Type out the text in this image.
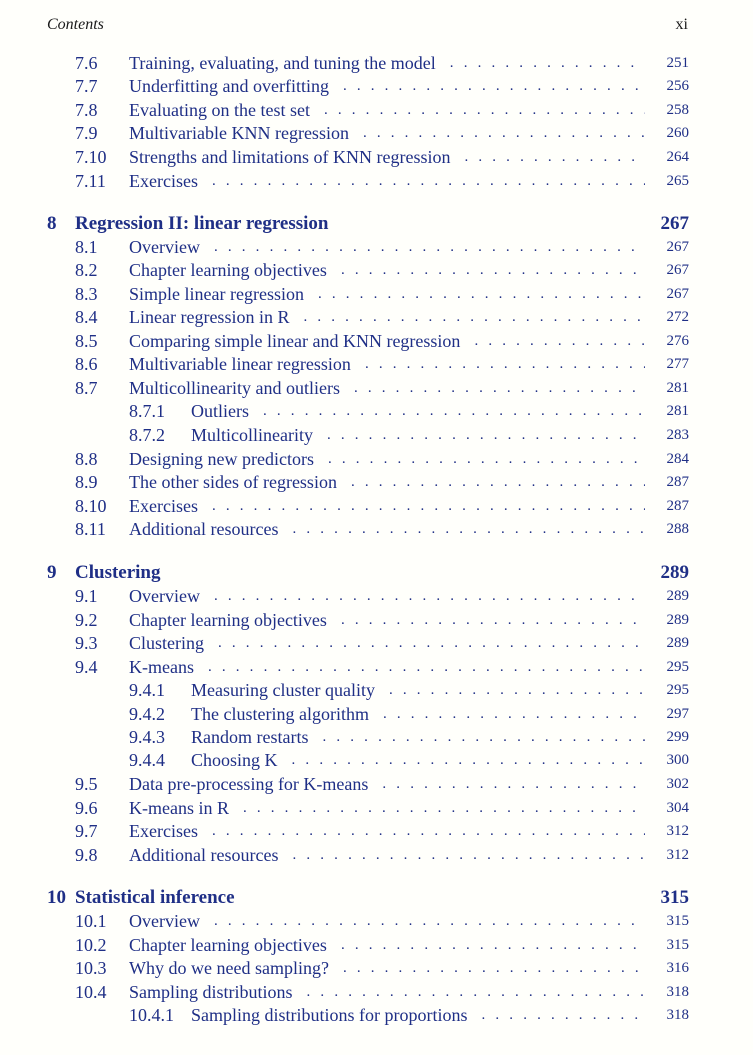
Contents	xi
7.6 Training, evaluating, and tuning the model . . .	251
7.7 Underfitting and overfitting . . .	256
7.8 Evaluating on the test set . . .	258
7.9 Multivariable KNN regression . . .	260
7.10 Strengths and limitations of KNN regression . . .	264
7.11 Exercises . . .	265
8 Regression II: linear regression	267
8.1 Overview . . .	267
8.2 Chapter learning objectives . . .	267
8.3 Simple linear regression . . .	267
8.4 Linear regression in R . . .	272
8.5 Comparing simple linear and KNN regression . . .	276
8.6 Multivariable linear regression . . .	277
8.7 Multicollinearity and outliers . . .	281
8.7.1 Outliers . . .	281
8.7.2 Multicollinearity . . .	283
8.8 Designing new predictors . . .	284
8.9 The other sides of regression . . .	287
8.10 Exercises . . .	287
8.11 Additional resources . . .	288
9 Clustering	289
9.1 Overview . . .	289
9.2 Chapter learning objectives . . .	289
9.3 Clustering . . .	289
9.4 K-means . . .	295
9.4.1 Measuring cluster quality . . .	295
9.4.2 The clustering algorithm . . .	297
9.4.3 Random restarts . . .	299
9.4.4 Choosing K . . .	300
9.5 Data pre-processing for K-means . . .	302
9.6 K-means in R . . .	304
9.7 Exercises . . .	312
9.8 Additional resources . . .	312
10 Statistical inference	315
10.1 Overview . . .	315
10.2 Chapter learning objectives . . .	315
10.3 Why do we need sampling? . . .	316
10.4 Sampling distributions . . .	318
10.4.1 Sampling distributions for proportions . . .	318
